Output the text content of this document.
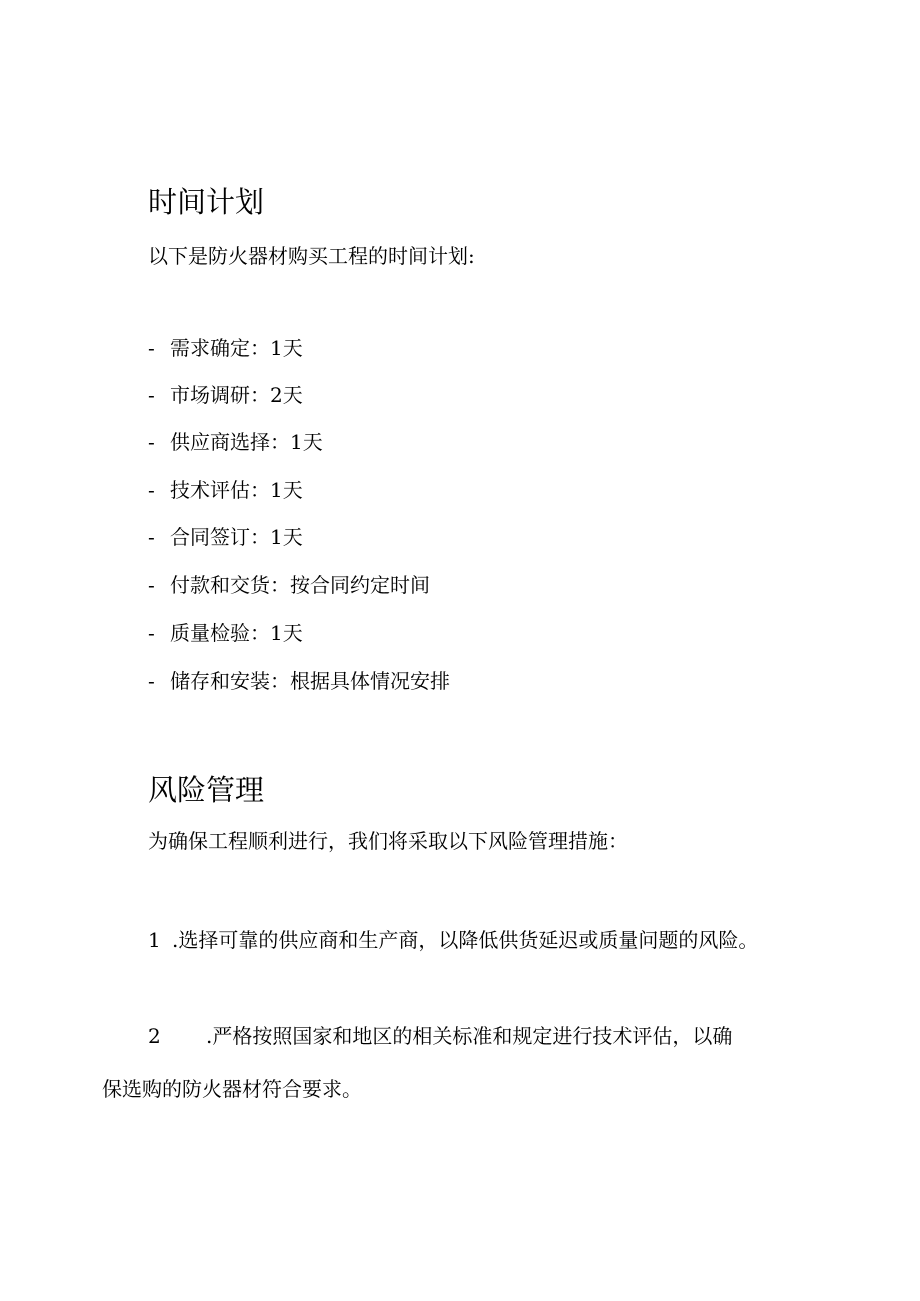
时间计划

以下是防火器材购买工程的时间计划:

- 需求确定：1天

- 市场调研：2天

- 供应商选择：1天

- 技术评估：1天

- 合同签订：1天

- 付款和交货：按合同约定时间

- 质量检验：1天

- 储存和安装：根据具体情况安排

风险管理

为确保工程顺利进行，我们将采取以下风险管理措施：

1 .选择可靠的供应商和生产商，以降低供货延迟或质量问题的风险。

2 .严格按照国家和地区的相关标准和规定进行技术评估，以确

保选购的防火器材符合要求。
